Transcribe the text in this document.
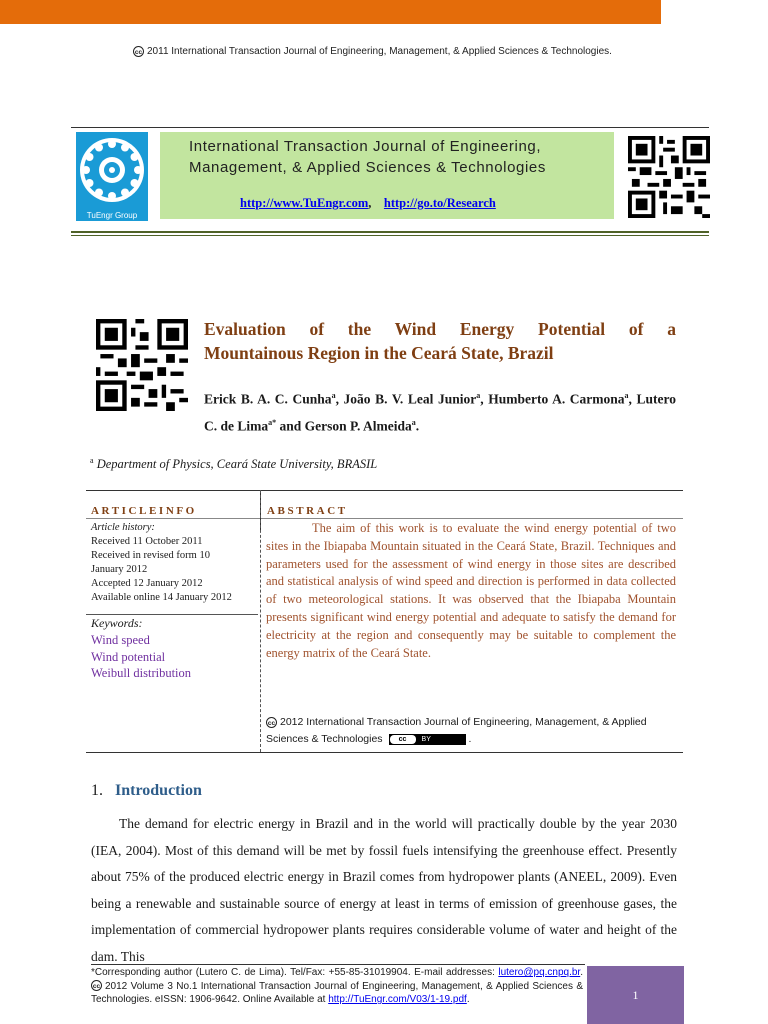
cc 2011 International Transaction Journal of Engineering, Management, & Applied Sciences & Technologies.
TuEngr Group
International Transaction Journal of Engineering,
Management, & Applied Sciences & Technologies
http://www.TuEngr.com, http://go.to/Research
Evaluation of the Wind Energy Potential of a
Mountainous Region in the Ceará State, Brazil
Erick B. A. C. Cunha$^a$, João B. V. Leal Junior$^a$, Humberto A. Carmona$^a$, Lutero C. de Lima$^{a*}$ and Gerson P. Almeida$^a$.
$^a$ Department of Physics, Ceará State University, BRASIL
ARTICLEINFO	ABSTRACT
Article history:
Received 11 October 2011
Received in revised form 10
January 2012
Accepted 12 January 2012
Available online 14 January 2012
Keywords:
Wind speed
Wind potential
Weibull distribution
The aim of this work is to evaluate the wind energy potential of two sites in the Ibiapaba Mountain situated in the Ceará State, Brazil. Techniques and parameters used for the assessment of wind energy in those sites are described and statistical analysis of wind speed and direction is performed in data collected of two meteorological stations. It was observed that the Ibiapaba Mountain presents significant wind energy potential and adequate to satisfy the demand for electricity at the region and consequently may be suitable to complement the energy matrix of the Ceará State.
cc 2012 International Transaction Journal of Engineering, Management, & Applied Sciences & Technologies cc BY	.
1. Introduction
The demand for electric energy in Brazil and in the world will practically double by the year 2030 (IEA, 2004). Most of this demand will be met by fossil fuels intensifying the greenhouse effect. Presently about 75% of the produced electric energy in Brazil comes from hydropower plants (ANEEL, 2009). Even being a renewable and sustainable source of energy at least in terms of emission of greenhouse gases, the implementation of commercial hydropower plants requires considerable volume of water and height of the dam. This
*Corresponding author (Lutero C. de Lima). Tel/Fax: +55-85-31019904. E-mail addresses: lutero@pq.cnpq.br. cc 2012 Volume 3 No.1 International Transaction Journal of Engineering, Management, & Applied Sciences & Technologies. eISSN: 1906-9642. Online Available at http://TuEngr.com/V03/1-19.pdf.	1
